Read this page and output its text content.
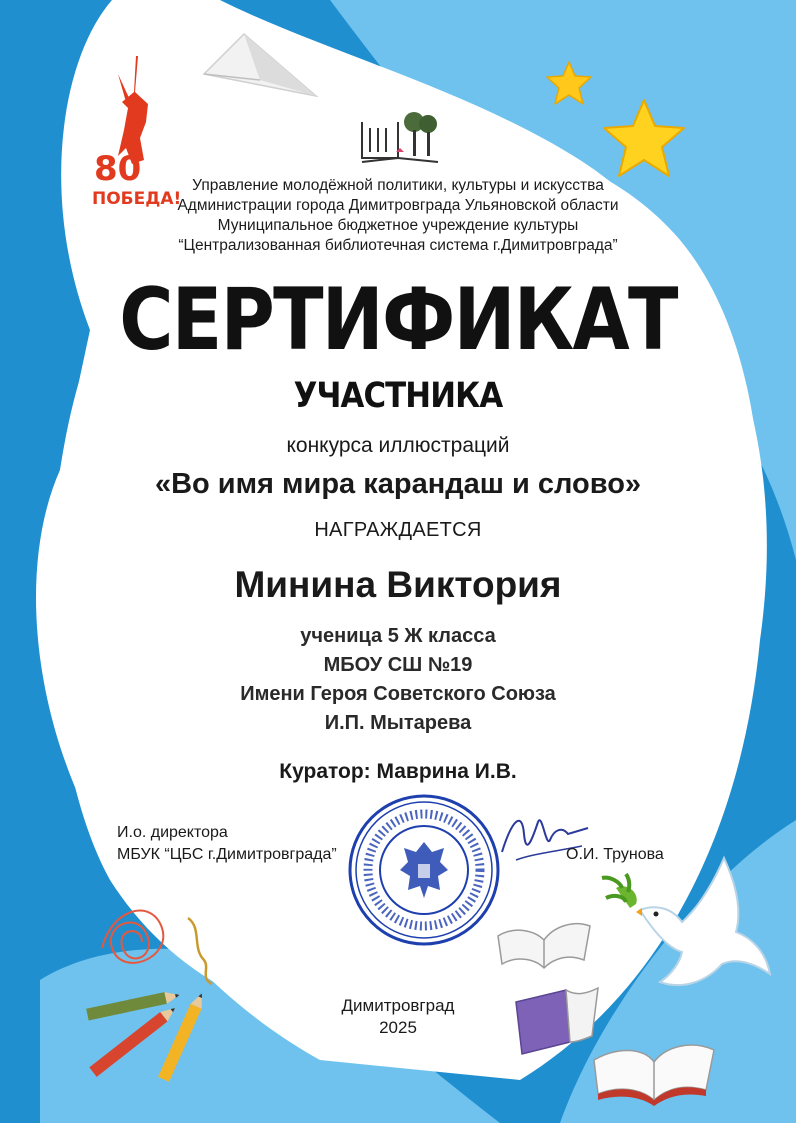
80
ПОБЕДА!
Управление молодёжной политики, культуры и искусства
Администрации города Димитровграда Ульяновской области
Муниципальное бюджетное учреждение культуры
“Централизованная библиотечная система г.Димитровграда”
СЕРТИФИКАТ
УЧАСТНИКА
конкурса иллюстраций
«Во имя мира карандаш и слово»
НАГРАЖДАЕТСЯ
Минина Виктория
ученица 5 Ж класса
МБОУ СШ №19
Имени Героя Советского Союза
И.П. Мытарева
Куратор: Маврина И.В.
И.о. директора
МБУК “ЦБС г.Димитровграда”	О.И. Трунова
Димитровград
2025
